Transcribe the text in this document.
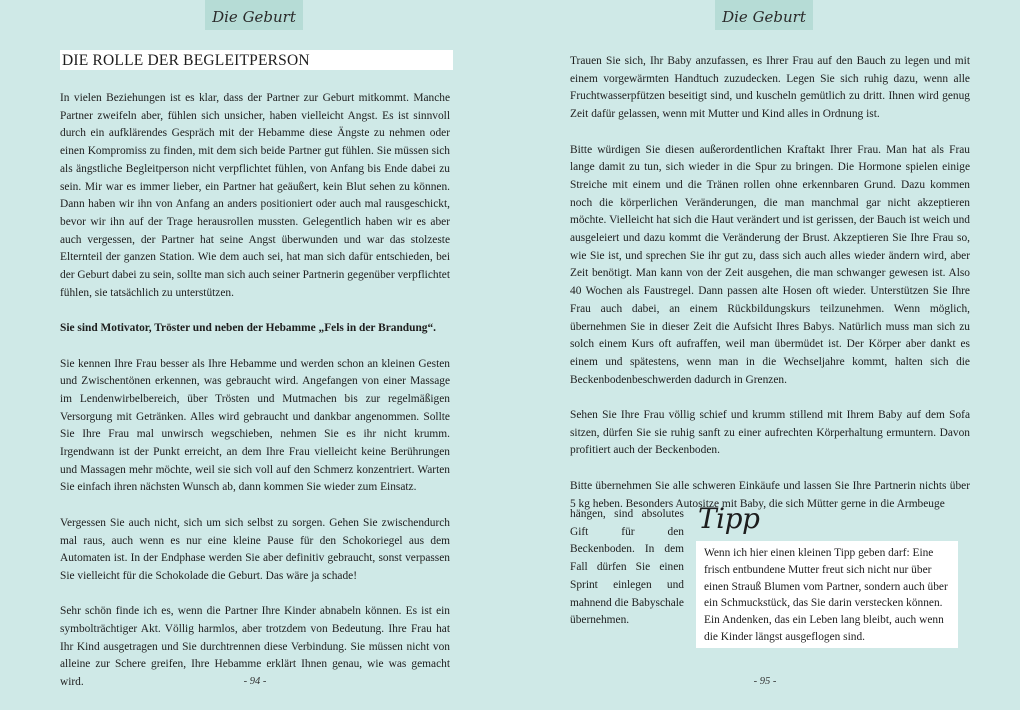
Die Geburt
DIE ROLLE DER BEGLEITPERSON

In vielen Beziehungen ist es klar, dass der Partner zur Geburt mitkommt. Manche Partner zweifeln aber, fühlen sich unsicher, haben vielleicht Angst. Es ist sinnvoll durch ein aufklärendes Gespräch mit der Hebamme diese Ängste zu nehmen oder einen Kompromiss zu finden, mit dem sich beide Partner gut fühlen. Sie müssen sich als ängstliche Begleitperson nicht verpflichtet fühlen, von Anfang bis Ende dabei zu sein. Mir war es immer lieber, ein Partner hat geäußert, kein Blut sehen zu können. Dann haben wir ihn von Anfang an anders positioniert oder auch mal rausgeschickt, bevor wir ihn auf der Trage herausrollen mussten. Gelegentlich haben wir es aber auch vergessen, der Partner hat seine Angst überwunden und war das stolzeste Elternteil der ganzen Station. Wie dem auch sei, hat man sich dafür entschieden, bei der Geburt dabei zu sein, sollte man sich auch seiner Partnerin gegenüber verpflichtet fühlen, sie tatsächlich zu unterstützen.

Sie sind Motivator, Tröster und neben der Hebamme „Fels in der Brandung“.

Sie kennen Ihre Frau besser als Ihre Hebamme und werden schon an kleinen Gesten und Zwischentönen erkennen, was gebraucht wird. Angefangen von einer Massage im Lendenwirbelbereich, über Trösten und Mutmachen bis zur regelmäßigen Versorgung mit Getränken. Alles wird gebraucht und dankbar angenommen. Sollte Sie Ihre Frau mal unwirsch wegschieben, nehmen Sie es ihr nicht krumm. Irgendwann ist der Punkt erreicht, an dem Ihre Frau vielleicht keine Berührungen und Massagen mehr möchte, weil sie sich voll auf den Schmerz konzentriert. Warten Sie einfach ihren nächsten Wunsch ab, dann kommen Sie wieder zum Einsatz.

Vergessen Sie auch nicht, sich um sich selbst zu sorgen. Gehen Sie zwischendurch mal raus, auch wenn es nur eine kleine Pause für den Schokoriegel aus dem Automaten ist. In der Endphase werden Sie aber definitiv gebraucht, sonst verpassen Sie vielleicht für die Schokolade die Geburt. Das wäre ja schade!

Sehr schön finde ich es, wenn die Partner Ihre Kinder abnabeln können. Es ist ein symbolträchtiger Akt. Völlig harmlos, aber trotzdem von Bedeutung. Ihre Frau hat Ihr Kind ausgetragen und Sie durchtrennen diese Verbindung. Sie müssen nicht von alleine zur Schere greifen, Ihre Hebamme erklärt Ihnen genau, wie was gemacht wird.	- 94 -
Die Geburt

Trauen Sie sich, Ihr Baby anzufassen, es Ihrer Frau auf den Bauch zu legen und mit einem vorgewärmten Handtuch zuzudecken. Legen Sie sich ruhig dazu, wenn alle Fruchtwasserpfützen beseitigt sind, und kuscheln gemütlich zu dritt. Ihnen wird genug Zeit dafür gelassen, wenn mit Mutter und Kind alles in Ordnung ist.

Bitte würdigen Sie diesen außerordentlichen Kraftakt Ihrer Frau. Man hat als Frau lange damit zu tun, sich wieder in die Spur zu bringen. Die Hormone spielen einige Streiche mit einem und die Tränen rollen ohne erkennbaren Grund. Dazu kommen noch die körperlichen Veränderungen, die man manchmal gar nicht akzeptieren möchte. Vielleicht hat sich die Haut verändert und ist gerissen, der Bauch ist weich und ausgeleiert und dazu kommt die Veränderung der Brust. Akzeptieren Sie Ihre Frau so, wie Sie ist, und sprechen Sie ihr gut zu, dass sich auch alles wieder ändern wird, aber Zeit benötigt. Man kann von der Zeit ausgehen, die man schwanger gewesen ist. Also 40 Wochen als Faustregel. Dann passen alte Hosen oft wieder. Unterstützen Sie Ihre Frau auch dabei, an einem Rückbildungskurs teilzunehmen. Wenn möglich, übernehmen Sie in dieser Zeit die Aufsicht Ihres Babys. Natürlich muss man sich zu solch einem Kurs oft aufraffen, weil man übermüdet ist. Der Körper aber dankt es einem und spätestens, wenn man in die Wechseljahre kommt, halten sich die Beckenbodenbeschwerden dadurch in Grenzen.

Sehen Sie Ihre Frau völlig schief und krumm stillend mit Ihrem Baby auf dem Sofa sitzen, dürfen Sie sie ruhig sanft zu einer aufrechten Körperhaltung ermuntern. Davon profitiert auch der Beckenboden.

Bitte übernehmen Sie alle schweren Einkäufe und lassen Sie Ihre Partnerin nichts über 5 kg heben. Besonders Autositze mit Baby, die sich Mütter gerne in die Armbeuge

hängen, sind absolutes Gift für den Beckenboden. In dem Fall dürfen Sie einen Sprint einlegen und mahnend die Babyschale übernehmen.
Tipp
Wenn ich hier einen kleinen Tipp geben darf: Eine frisch entbundene Mutter freut sich nicht nur über einen Strauß Blumen vom Partner, sondern auch über ein Schmuckstück, das Sie darin verstecken können. Ein Andenken, das ein Leben lang bleibt, auch wenn die Kinder längst ausgeflogen sind.
- 95 -
